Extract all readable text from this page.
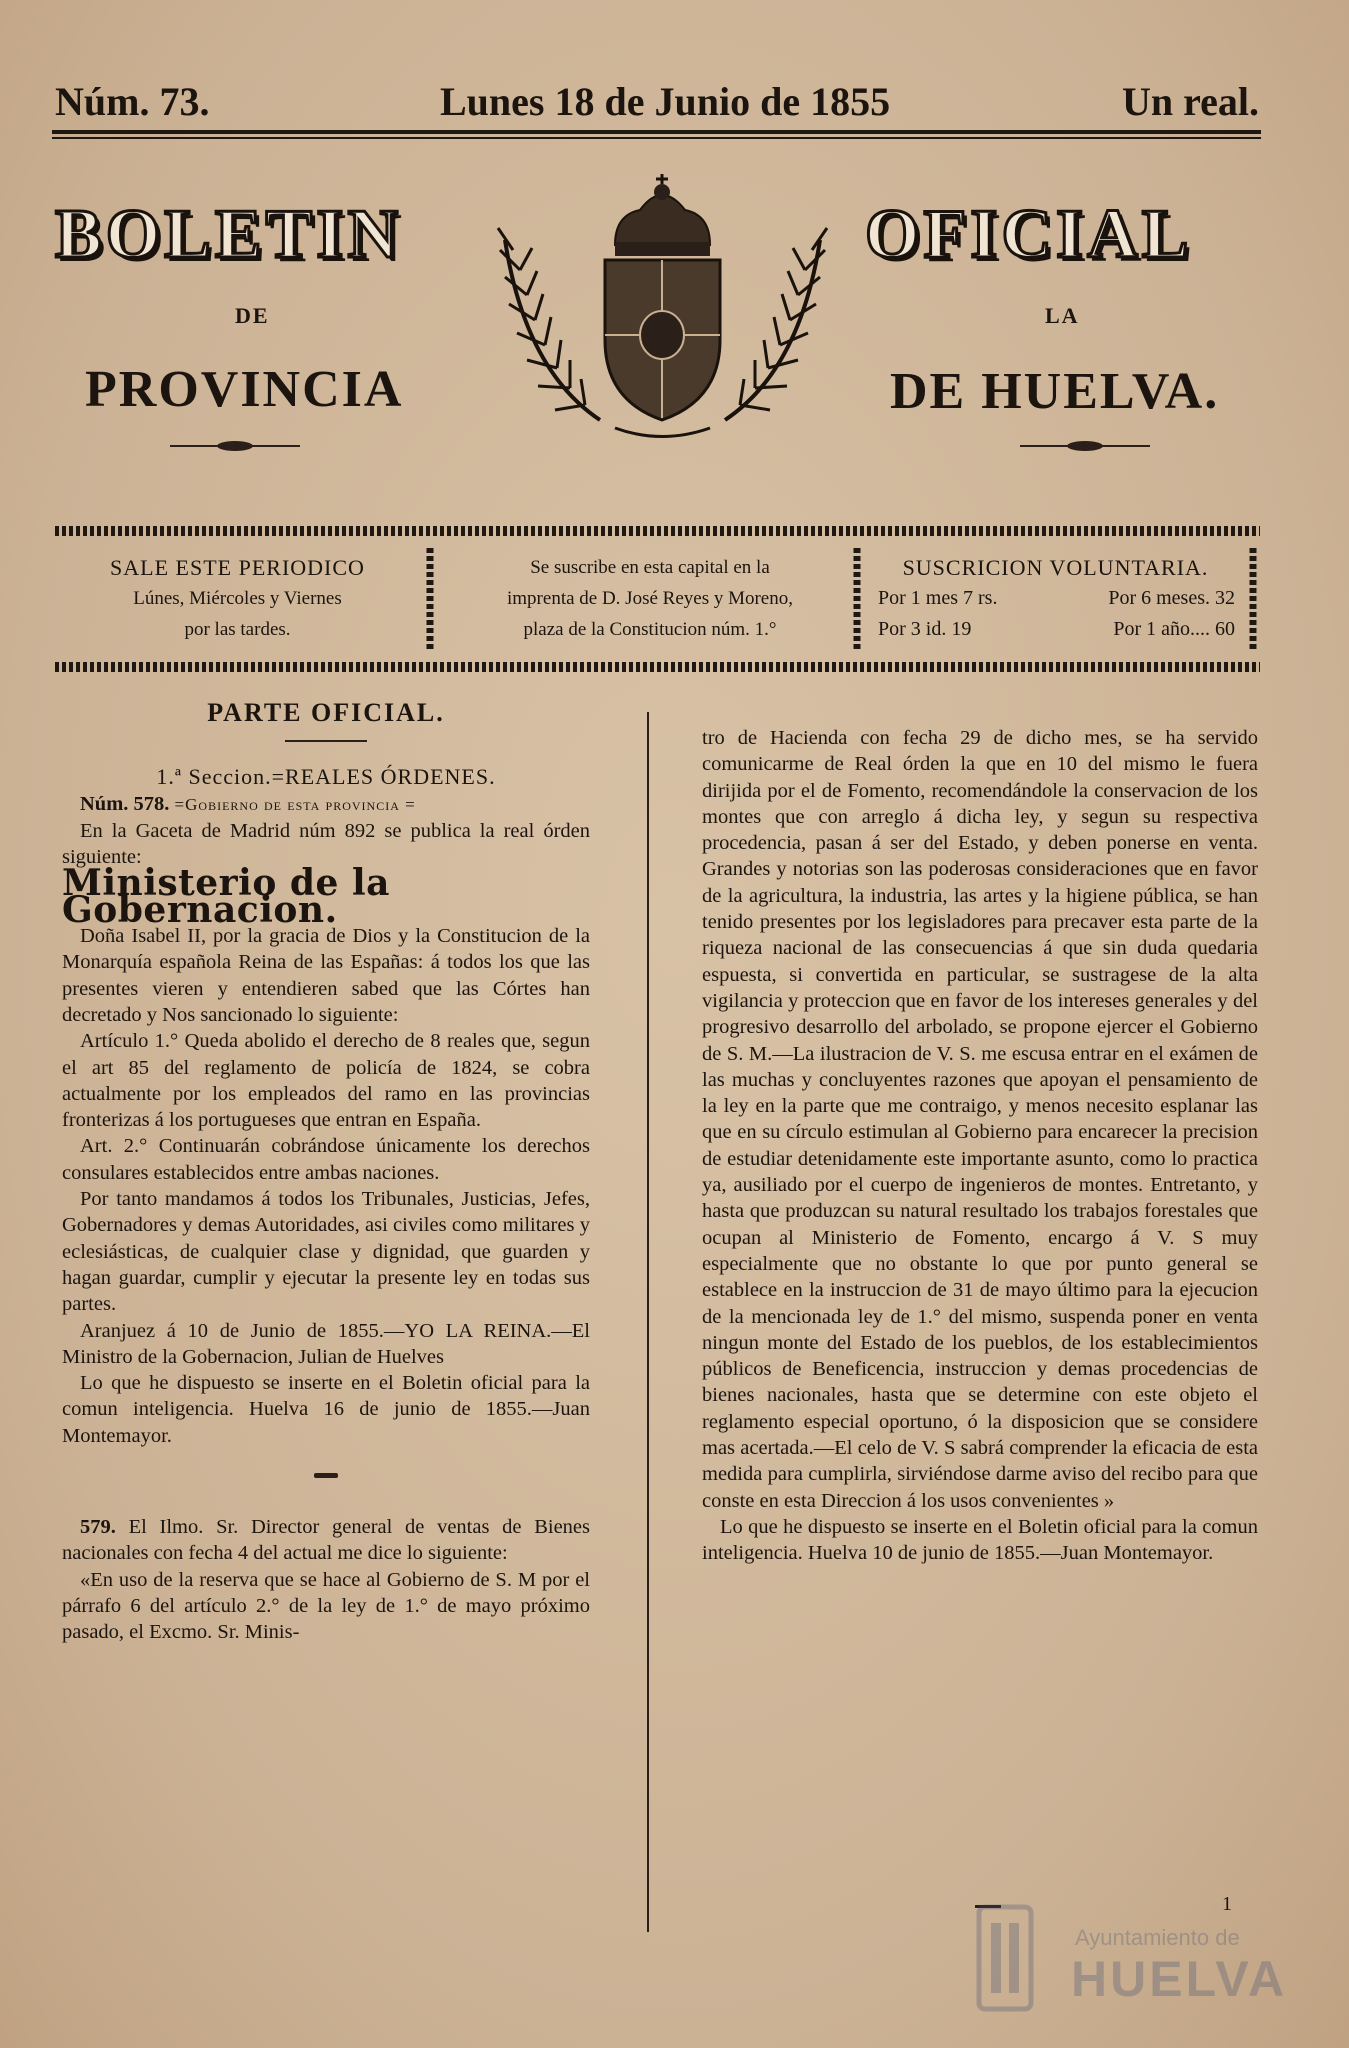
Núm. 73.	Lunes 18 de Junio de 1855	Un real.
BOLETIN	OFICIAL
DE	LA
PROVINCIA	DE HUELVA.
SALE ESTE PERIODICO
Lúnes, Miércoles y Viernes
por las tardes.
Se suscribe en esta capital en la
imprenta de D. José Reyes y Moreno,
plaza de la Constitucion núm. 1.°
SUSCRICION VOLUNTARIA.
Por 1 mes 7 rs.	Por 6 meses. 32
Por 3 id. 19	Por 1 año.... 60

PARTE OFICIAL.

1.ª Seccion.=REALES ÓRDENES.

Núm. 578. =Gobierno de esta provincia =

En la Gaceta de Madrid núm 892 se publica la real órden siguiente:

Ministerio de la Gobernacion.

Doña Isabel II, por la gracia de Dios y la Constitucion de la Monarquía española Reina de las Españas: á todos los que las presentes vieren y entendieren sabed que las Córtes han decretado y Nos sancionado lo siguiente:

Artículo 1.° Queda abolido el derecho de 8 reales que, segun el art 85 del reglamento de policía de 1824, se cobra actualmente por los empleados del ramo en las provincias fronterizas á los portugueses que entran en España.

Art. 2.° Continuarán cobrándose únicamente los derechos consulares establecidos entre ambas naciones.

Por tanto mandamos á todos los Tribunales, Justicias, Jefes, Gobernadores y demas Autoridades, asi civiles como militares y eclesiásticas, de cualquier clase y dignidad, que guarden y hagan guardar, cumplir y ejecutar la presente ley en todas sus partes.

Aranjuez á 10 de Junio de 1855.—YO LA REINA.—El Ministro de la Gobernacion, Julian de Huelves

Lo que he dispuesto se inserte en el Boletin oficial para la comun inteligencia. Huelva 16 de junio de 1855.—Juan Montemayor.

579. El Ilmo. Sr. Director general de ventas de Bienes nacionales con fecha 4 del actual me dice lo siguiente:

«En uso de la reserva que se hace al Gobierno de S. M por el párrafo 6 del artículo 2.° de la ley de 1.° de mayo próximo pasado, el Excmo. Sr. Minis-

tro de Hacienda con fecha 29 de dicho mes, se ha servido comunicarme de Real órden la que en 10 del mismo le fuera dirijida por el de Fomento, recomendándole la conservacion de los montes que con arreglo á dicha ley, y segun su respectiva procedencia, pasan á ser del Estado, y deben ponerse en venta. Grandes y notorias son las poderosas consideraciones que en favor de la agricultura, la industria, las artes y la higiene pública, se han tenido presentes por los legisladores para precaver esta parte de la riqueza nacional de las consecuencias á que sin duda quedaria espuesta, si convertida en particular, se sustragese de la alta vigilancia y proteccion que en favor de los intereses generales y del progresivo desarrollo del arbolado, se propone ejercer el Gobierno de S. M.—La ilustracion de V. S. me escusa entrar en el exámen de las muchas y concluyentes razones que apoyan el pensamiento de la ley en la parte que me contraigo, y menos necesito esplanar las que en su círculo estimulan al Gobierno para encarecer la precision de estudiar detenidamente este importante asunto, como lo practica ya, ausiliado por el cuerpo de ingenieros de montes. Entretanto, y hasta que produzcan su natural resultado los trabajos forestales que ocupan al Ministerio de Fomento, encargo á V. S muy especialmente que no obstante lo que por punto general se establece en la instruccion de 31 de mayo último para la ejecucion de la mencionada ley de 1.° del mismo, suspenda poner en venta ningun monte del Estado de los pueblos, de los establecimientos públicos de Beneficencia, instruccion y demas procedencias de bienes nacionales, hasta que se determine con este objeto el reglamento especial oportuno, ó la disposicion que se considere mas acertada.—El celo de V. S sabrá comprender la eficacia de esta medida para cumplirla, sirviéndose darme aviso del recibo para que conste en esta Direccion á los usos convenientes »

Lo que he dispuesto se inserte en el Boletin oficial para la comun inteligencia. Huelva 10 de junio de 1855.—Juan Montemayor.

1
Ayuntamiento de
HUELVA
